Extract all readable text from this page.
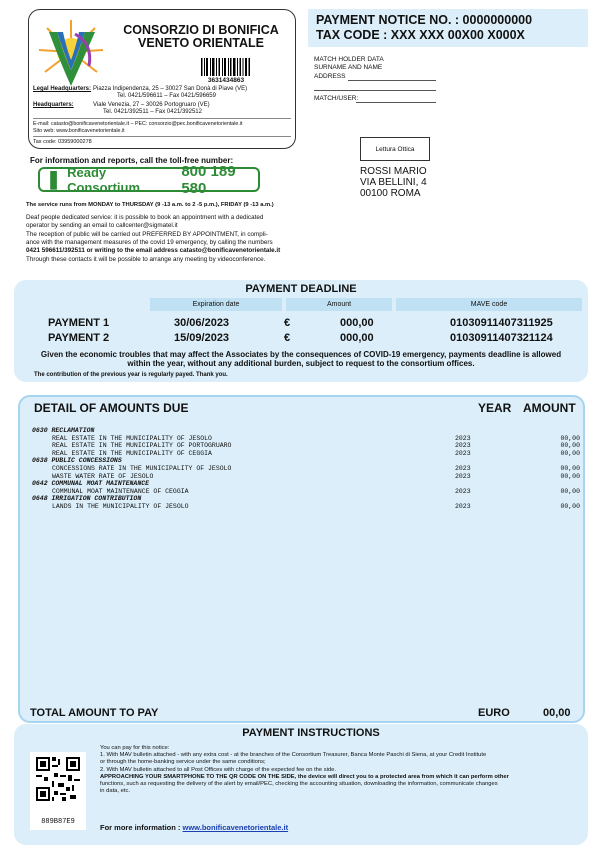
CONSORZIO DI BONIFICA
VENETO ORIENTALE
3631434863
Legal Headquarters: Piazza Indipendenza, 25 – 30027 San Donà di Piave (VE)
Tel. 0421/596611 – Fax 0421/596659
Headquarters:	Viale Venezia, 27 – 30026 Portogruaro (VE)
Tel. 0421/392511 – Fax 0421/392512
E-mail: catasto@bonificavenetorientale.it – PEC: consorzio@pec.bonificavenetorientale.it
Sito web: www.bonificavenetorientale.it
Tax code: 03959000278
PAYMENT NOTICE NO. : 0000000000
TAX CODE : XXX XXX 00X00 X000X
MATCH HOLDER DATA
SURNAME AND NAME
ADDRESS
MATCH/USER:
Lettura Ottica
ROSSI MARIO
VIA BELLINI, 4
00100 ROMA
For information and reports, call the toll-free number:
❚ Ready Consortium
800 189 580
The service runs from MONDAY to THURSDAY (9 -13 a.m. to 2 -5 p.m.), FRIDAY (9 -13 a.m.)
Deaf people dedicated service: it is possible to book an appointment with a dedicated
operator by sending an email to callcenter@sigmatel.it
The reception of public will be carried out PREFERRED BY APPOINTMENT, in compli-
ance with the management measures of the covid 19 emergency, by calling the numbers
0421 596611/392511 or writing to the email address catasto@bonificavenetorientale.it
Through these contacts it will be possible to arrange any meeting by videoconference.
PAYMENT DEADLINE
Expiration date	Amount	MAVE code
PAYMENT 1	30/06/2023	€	000,00	01030911407311925
PAYMENT 2	15/09/2023	€	000,00	01030911407321124
Given the economic troubles that may affect the Associates by the consequences of COVID-19 emergency, payments deadline is allowed
within the year, without any additional burden, subject to request to the consortium offices.
The contribution of the previous year is regularly payed. Thank you.
DETAIL OF AMOUNTS DUE	YEAR AMOUNT
0630 RECLAMATION
REAL ESTATE IN THE MUNICIPALITY OF JESOLO	2023	00,00
REAL ESTATE IN THE MUNICIPALITY OF PORTOGRUARO	2023	00,00
REAL ESTATE IN THE MUNICIPALITY OF CEGGIA	2023	00,00
0638 PUBLIC CONCESSIONS
CONCESSIONS RATE IN THE MUNICIPALITY OF JESOLO	2023	00,00
WASTE WATER RATE OF JESOLO	2023	00,00
0642 COMMUNAL MOAT MAINTENANCE
COMMUNAL MOAT MAINTENANCE OF CEGGIA	2023	00,00
0648 IRRIGATION CONTRIBUTION
LANDS IN THE MUNICIPALITY OF JESOLO	2023	00,00
TOTAL AMOUNT TO PAY	EURO	00,00
PAYMENT INSTRUCTIONS
889B87E9
You can pay for this notice:
1. With MAV bulletin attached - with any extra cost - at the branches of the Consortium Treasurer, Banca Monte Paschi di Siena, at your Credit Institute
or through the home-banking service under the same conditions;
2. With MAV bulletin attached to all Post Offices with charge of the expected fee on the side.
APPROACHING YOUR SMARTPHONE TO THE QR CODE ON THE SIDE, the device will direct you to a protected area from which it can perform other
functions, such as requesting the delivery of the alert by email/PEC, checking the accounting situation, downloading the information, communicate changes
in data, etc.
For more information : www.bonificavenetorientale.it
